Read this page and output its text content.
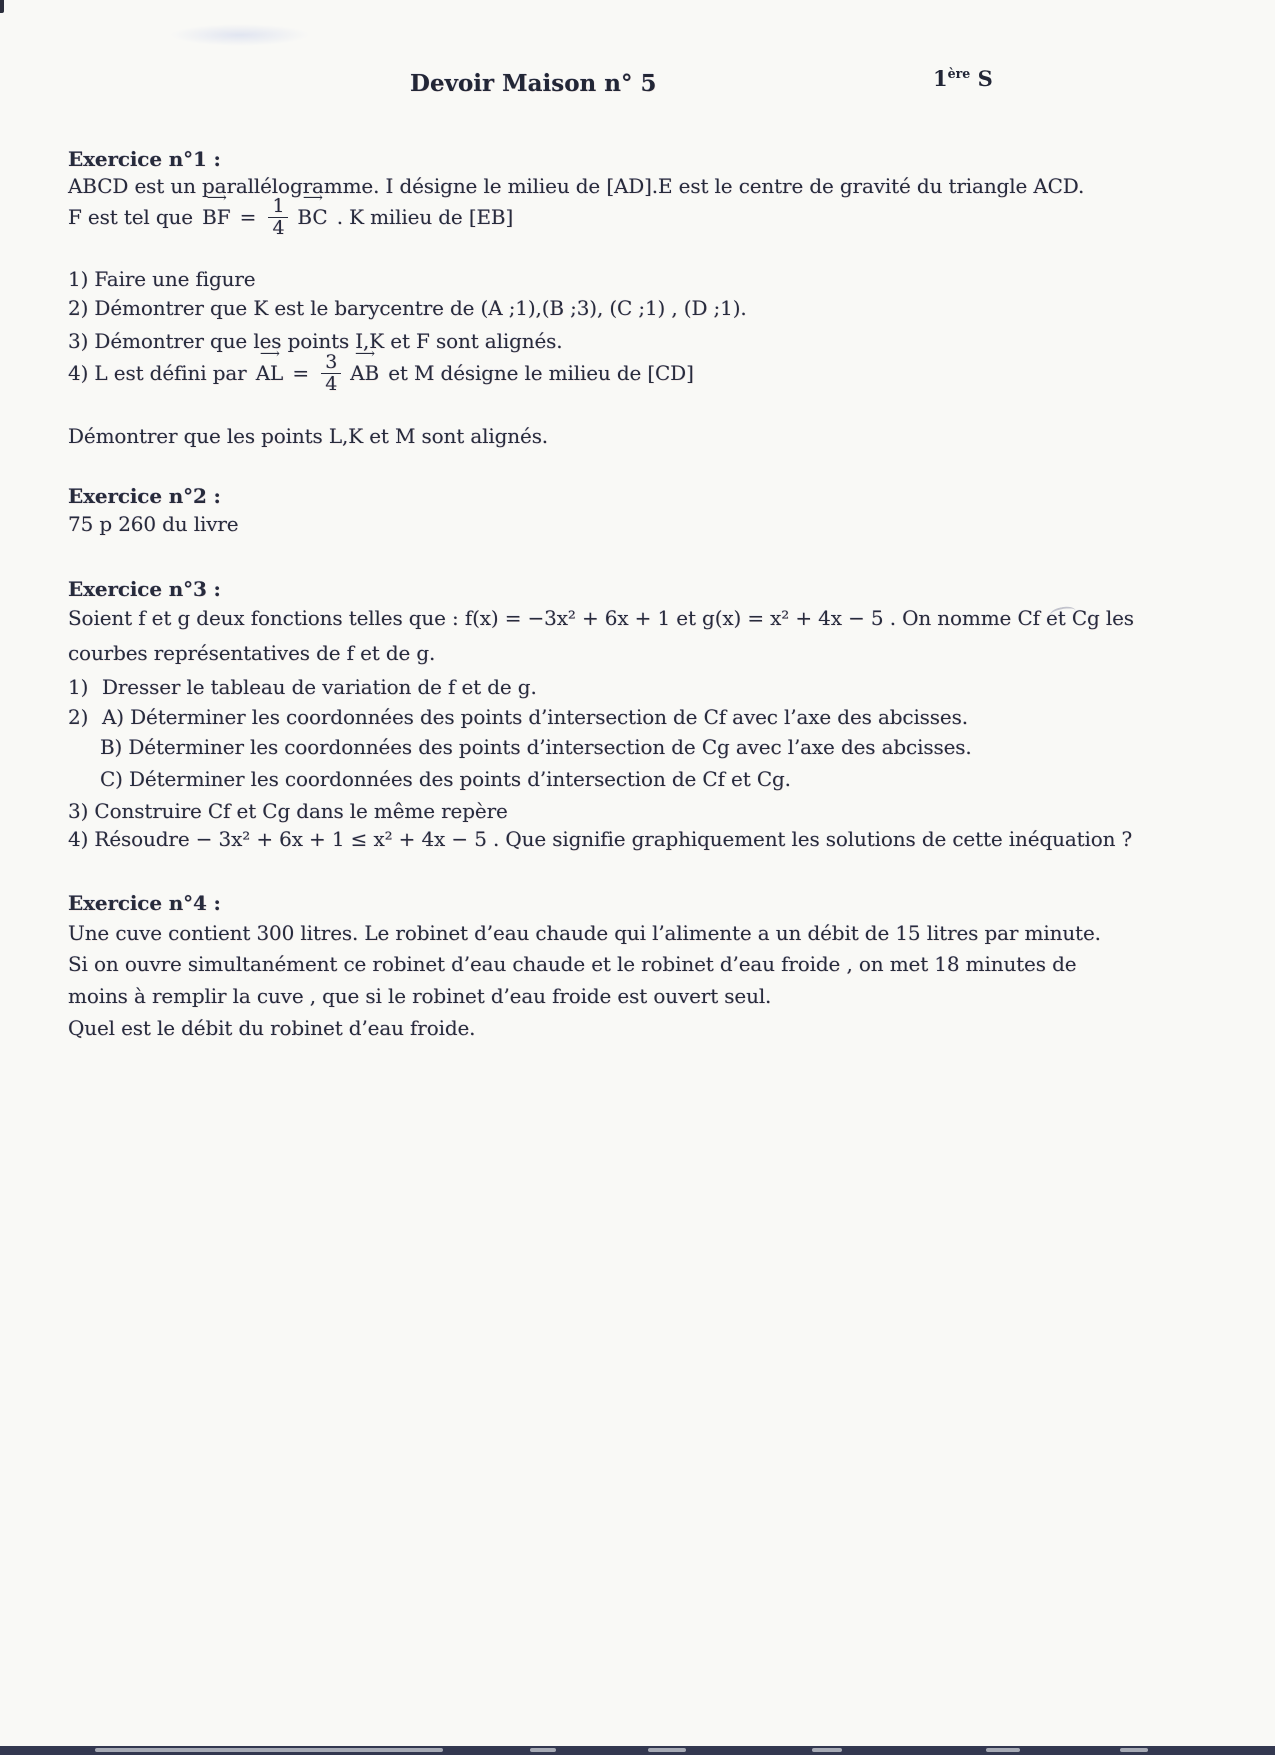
Devoir Maison n° 5	1ère S
Exercice n°1 :
ABCD est un parallélogramme. I désigne le milieu de [AD].E est le centre de gravité du triangle ACD.
F est tel que ⟶ BF = $\frac{1}{4}$ ⟶ BC . K milieu de [EB]
1) Faire une figure
2) Démontrer que K est le barycentre de (A ;1),(B ;3), (C ;1) , (D ;1).
3) Démontrer que les points I,K et F sont alignés.
4) L est défini par ⟶ AL = $\frac{3}{4}$ ⟶ AB et M désigne le milieu de [CD]
Démontrer que les points L,K et M sont alignés.
Exercice n°2 :
75 p 260 du livre
Exercice n°3 :
Soient f et g deux fonctions telles que : f(x) = −3x² + 6x + 1 et g(x) = x² + 4x − 5 . On nomme Cf et Cg les
courbes représentatives de f et de g.
1) Dresser le tableau de variation de f et de g.
2) A) Déterminer les coordonnées des points d’intersection de Cf avec l’axe des abcisses.
B) Déterminer les coordonnées des points d’intersection de Cg avec l’axe des abcisses.
C) Déterminer les coordonnées des points d’intersection de Cf et Cg.
3) Construire Cf et Cg dans le même repère
4) Résoudre − 3x² + 6x + 1 ≤ x² + 4x − 5 . Que signifie graphiquement les solutions de cette inéquation ?
Exercice n°4 :
Une cuve contient 300 litres. Le robinet d’eau chaude qui l’alimente a un débit de 15 litres par minute.
Si on ouvre simultanément ce robinet d’eau chaude et le robinet d’eau froide , on met 18 minutes de
moins à remplir la cuve , que si le robinet d’eau froide est ouvert seul.
Quel est le débit du robinet d’eau froide.
